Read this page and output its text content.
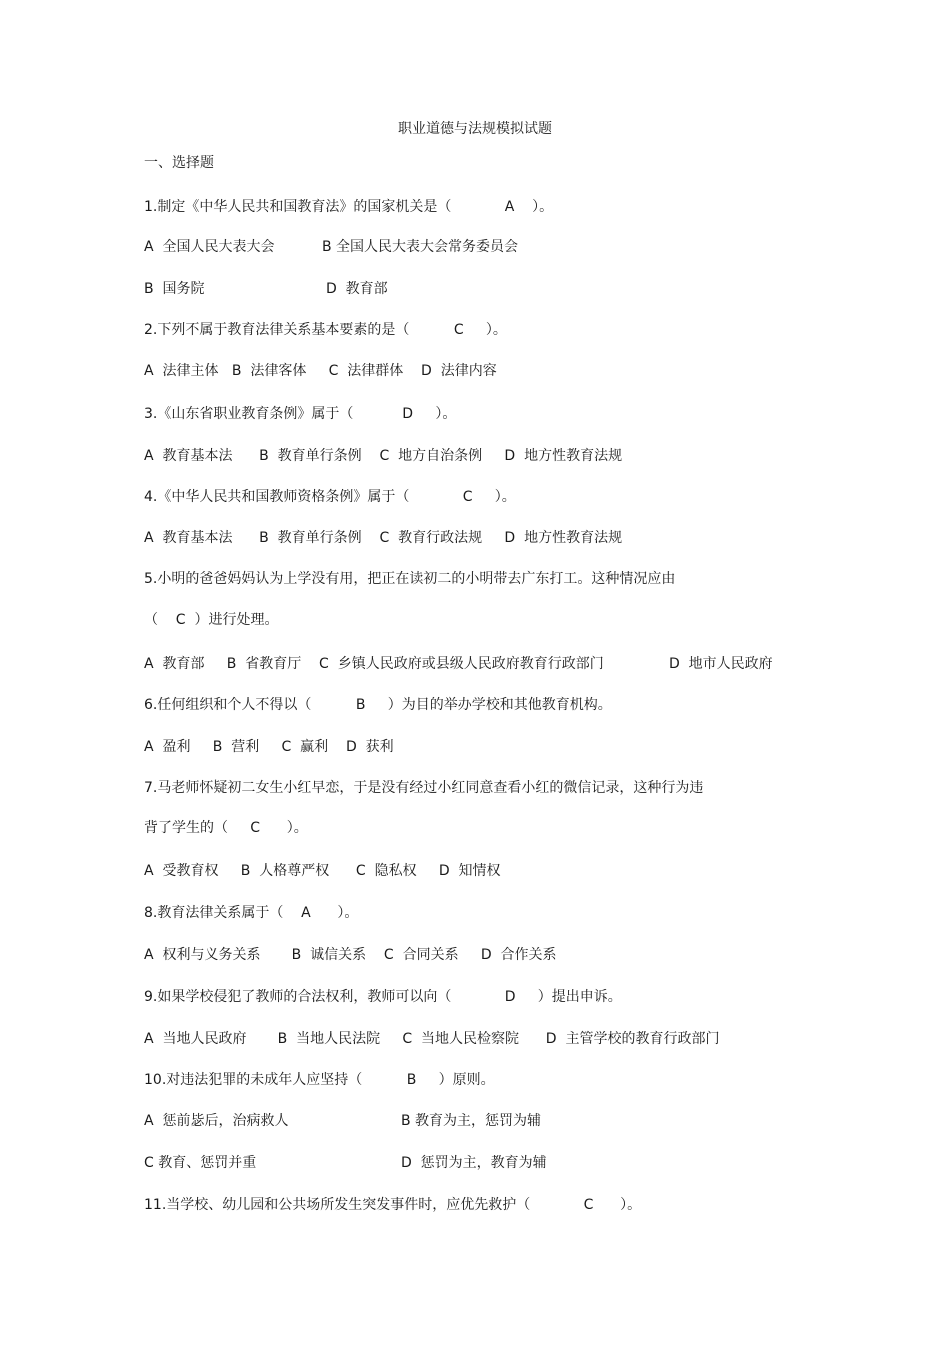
职业道德与法规模拟试题
一、选择题
1.制定《中华人民共和国教育法》的国家机关是（            A    ）。
A  全国人民大表大会	B 全国人民大表大会常务委员会
B  国务院	D  教育部
2.下列不属于教育法律关系基本要素的是（          C     ）。
A  法律主体   B  法律客体     C  法律群体    D  法律内容
3.《山东省职业教育条例》属于（           D     ）。
A  教育基本法      B  教育单行条例    C  地方自治条例     D  地方性教育法规
4.《中华人民共和国教师资格条例》属于（            C     ）。
A  教育基本法      B  教育单行条例    C  教育行政法规     D  地方性教育法规
5.小明的爸爸妈妈认为上学没有用，把正在读初二的小明带去广东打工。这种情况应由
（    C  ）进行处理。
A  教育部     B  省教育厅    C  乡镇人民政府或县级人民政府教育行政部门	D  地市人民政府
6.任何组织和个人不得以（          B     ）为目的举办学校和其他教育机构。
A  盈利     B  营利     C  赢利    D  获利
7.马老师怀疑初二女生小红早恋，于是没有经过小红同意查看小红的微信记录，这种行为违
背了学生的（     C      ）。
A  受教育权     B  人格尊严权      C  隐私权     D  知情权
8.教育法律关系属于（    A      ）。
A  权利与义务关系       B  诚信关系    C  合同关系     D  合作关系
9.如果学校侵犯了教师的合法权利，教师可以向（            D     ）提出申诉。
A  当地人民政府       B  当地人民法院     C  当地人民检察院      D  主管学校的教育行政部门
10.对违法犯罪的未成年人应坚持（          B     ）原则。
A  惩前毖后，治病救人	B 教育为主，惩罚为辅
C 教育、惩罚并重	D  惩罚为主，教育为辅
11.当学校、幼儿园和公共场所发生突发事件时，应优先救护（            C      ）。
